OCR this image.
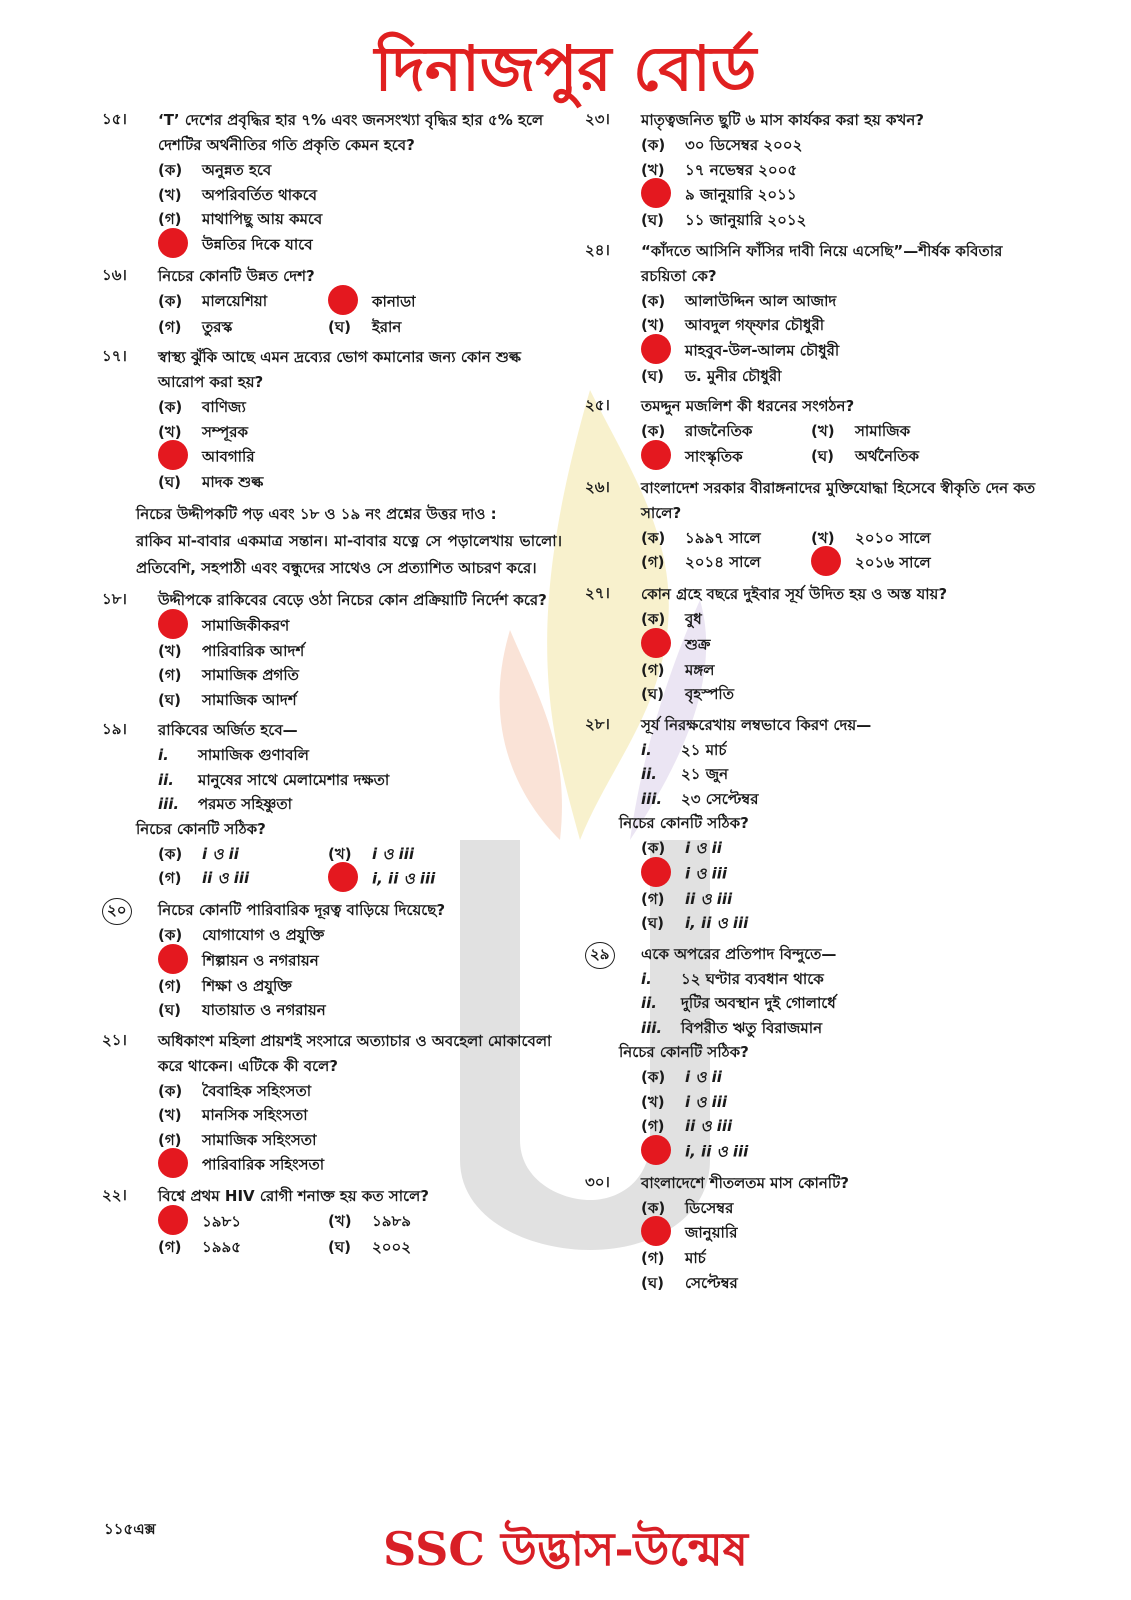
দিনাজপুর বোর্ড
১৫। ‘T’ দেশের প্রবৃদ্ধির হার ৭% এবং জনসংখ্যা বৃদ্ধির হার ৫% হলে দেশটির অর্থনীতির গতি প্রকৃতি কেমন হবে?
(ক) অনুন্নত হবে
(খ) অপরিবর্তিত থাকবে
(গ) মাথাপিছু আয় কমবে
উন্নতির দিকে যাবে
১৬। নিচের কোনটি উন্নত দেশ?
(ক) মালয়েশিয়া	কানাডা
(গ) তুরস্ক	(ঘ) ইরান
১৭। স্বাস্থ্য ঝুঁকি আছে এমন দ্রব্যের ভোগ কমানোর জন্য কোন শুল্ক আরোপ করা হয়?
(ক) বাণিজ্য
(খ) সম্পূরক
আবগারি
(ঘ) মাদক শুল্ক
নিচের উদ্দীপকটি পড় এবং ১৮ ও ১৯ নং প্রশ্নের উত্তর দাও :
রাকিব মা-বাবার একমাত্র সন্তান। মা-বাবার যত্নে সে পড়ালেখায় ভালো। প্রতিবেশি, সহপাঠী এবং বন্ধুদের সাথেও সে প্রত্যাশিত আচরণ করে।
১৮। উদ্দীপকে রাকিবের বেড়ে ওঠা নিচের কোন প্রক্রিয়াটি নির্দেশ করে?
সামাজিকীকরণ
(খ) পারিবারিক আদর্শ
(গ) সামাজিক প্রগতি
(ঘ) সামাজিক আদর্শ
১৯। রাকিবের অর্জিত হবে—
i. সামাজিক গুণাবলি
ii. মানুষের সাথে মেলামেশার দক্ষতা
iii. পরমত সহিষ্ণুতা
নিচের কোনটি সঠিক?
(ক) i ও ii	(খ) i ও iii
(গ) ii ও iii	i, ii ও iii
২০	নিচের কোনটি পারিবারিক দূরত্ব বাড়িয়ে দিয়েছে?
(ক) যোগাযোগ ও প্রযুক্তি
শিল্পায়ন ও নগরায়ন
(গ) শিক্ষা ও প্রযুক্তি
(ঘ) যাতায়াত ও নগরায়ন
২১। অধিকাংশ মহিলা প্রায়শই সংসারে অত্যাচার ও অবহেলা মোকাবেলা করে থাকেন। এটিকে কী বলে?
(ক) বৈবাহিক সহিংসতা
(খ) মানসিক সহিংসতা
(গ) সামাজিক সহিংসতা
পারিবারিক সহিংসতা
২২। বিশ্বে প্রথম HIV রোগী শনাক্ত হয় কত সালে?
১৯৮১	(খ) ১৯৮৯
(গ) ১৯৯৫	(ঘ) ২০০২
২৩। মাতৃত্বজনিত ছুটি ৬ মাস কার্যকর করা হয় কখন?
(ক) ৩০ ডিসেম্বর ২০০২
(খ) ১৭ নভেম্বর ২০০৫
৯ জানুয়ারি ২০১১
(ঘ) ১১ জানুয়ারি ২০১২
২৪। “কাঁদতে আসিনি ফাঁসির দাবী নিয়ে এসেছি”—শীর্ষক কবিতার রচয়িতা কে?
(ক) আলাউদ্দিন আল আজাদ
(খ) আবদুল গফ্ফার চৌধুরী
মাহবুব-উল-আলম চৌধুরী
(ঘ) ড. মুনীর চৌধুরী
২৫। তমদ্দুন মজলিশ কী ধরনের সংগঠন?
(ক) রাজনৈতিক	(খ) সামাজিক
সাংস্কৃতিক	(ঘ) অর্থনৈতিক
২৬। বাংলাদেশ সরকার বীরাঙ্গনাদের মুক্তিযোদ্ধা হিসেবে স্বীকৃতি দেন কত সালে?
(ক) ১৯৯৭ সালে	(খ) ২০১০ সালে
(গ) ২০১৪ সালে	২০১৬ সালে
২৭। কোন গ্রহে বছরে দুইবার সূর্য উদিত হয় ও অস্ত যায়?
(ক) বুধ
শুক্র
(গ) মঙ্গল
(ঘ) বৃহস্পতি
২৮। সূর্য নিরক্ষরেখায় লম্বভাবে কিরণ দেয়—
i. ২১ মার্চ
ii. ২১ জুন
iii. ২৩ সেপ্টেম্বর
নিচের কোনটি সঠিক?
(ক) i ও ii
i ও iii
(গ) ii ও iii
(ঘ) i, ii ও iii
২৯	একে অপরের প্রতিপাদ বিন্দুতে—
i. ১২ ঘণ্টার ব্যবধান থাকে
ii. দুটির অবস্থান দুই গোলার্ধে
iii. বিপরীত ঋতু বিরাজমান
নিচের কোনটি সঠিক?
(ক) i ও ii
(খ) i ও iii
(গ) ii ও iii
i, ii ও iii
৩০। বাংলাদেশে শীতলতম মাস কোনটি?
(ক) ডিসেম্বর
জানুয়ারি
(গ) মার্চ
(ঘ) সেপ্টেম্বর
১১৫এক্স	SSC উদ্ভাস-উন্মেষ
